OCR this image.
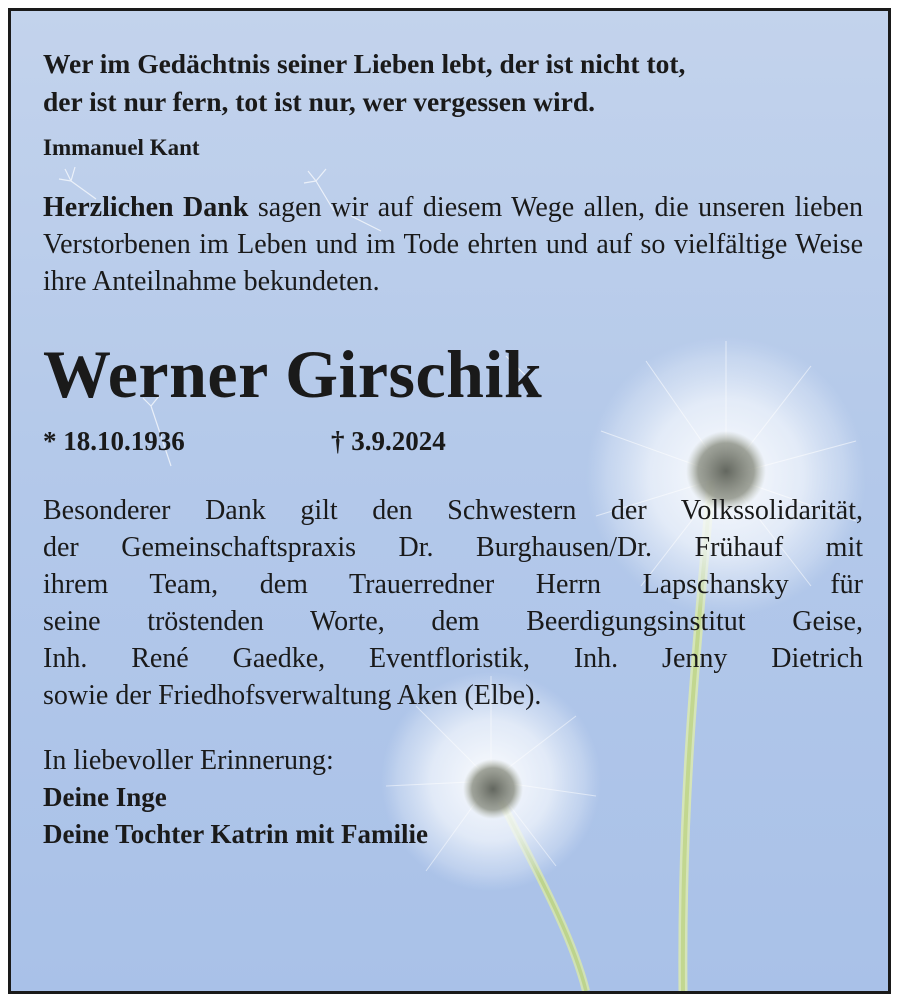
Wer im Gedächtnis seiner Lieben lebt, der ist nicht tot,
der ist nur fern, tot ist nur, wer vergessen wird.

Immanuel Kant

Herzlichen Dank sagen wir auf diesem Wege allen, die unseren lieben Verstorbenen im Leben und im Tode ehrten und auf so vielfältige Weise ihre Anteilnahme bekundeten.

Werner Girschik
* 18.10.1936	† 3.9.2024

Besonderer Dank gilt den Schwestern der Volkssolidarität,
der Gemeinschaftspraxis Dr. Burghausen/Dr. Frühauf mit
ihrem Team, dem Trauerredner Herrn Lapschansky für
seine tröstenden Worte, dem Beerdigungsinstitut Geise,
Inh. René Gaedke, Eventfloristik, Inh. Jenny Dietrich
sowie der Friedhofsverwaltung Aken (Elbe).

In liebevoller Erinnerung:

Deine Inge

Deine Tochter Katrin mit Familie
